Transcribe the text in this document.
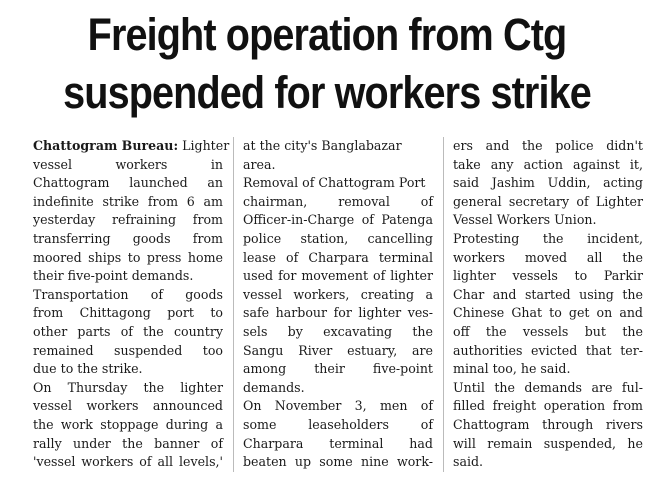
Freight operation from Ctg
suspended for workers strike
Chattogram Bureau: Lighter
vessel workers in
Chattogram launched an
indefinite strike from 6 am
yesterday refraining from
transferring goods from
moored ships to press home
their five-point demands.
Transportation of goods
from Chittagong port to
other parts of the country
remained suspended too
due to the strike.
On Thursday the lighter
vessel workers announced
the work stoppage during a
rally under the banner of
'vessel workers of all levels,'
at the city's Banglabazar
area.
Removal of Chattogram Port
chairman, removal of
Officer-in-Charge of Patenga
police station, cancelling
lease of Charpara terminal
used for movement of lighter
vessel workers, creating a
safe harbour for lighter ves-
sels by excavating the
Sangu River estuary, are
among their five-point
demands.
On November 3, men of
some leaseholders of
Charpara terminal had
beaten up some nine work-
ers and the police didn't
take any action against it,
said Jashim Uddin, acting
general secretary of Lighter
Vessel Workers Union.
Protesting the incident,
workers moved all the
lighter vessels to Parkir
Char and started using the
Chinese Ghat to get on and
off the vessels but the
authorities evicted that ter-
minal too, he said.
Until the demands are ful-
filled freight operation from
Chattogram through rivers
will remain suspended, he
said.
